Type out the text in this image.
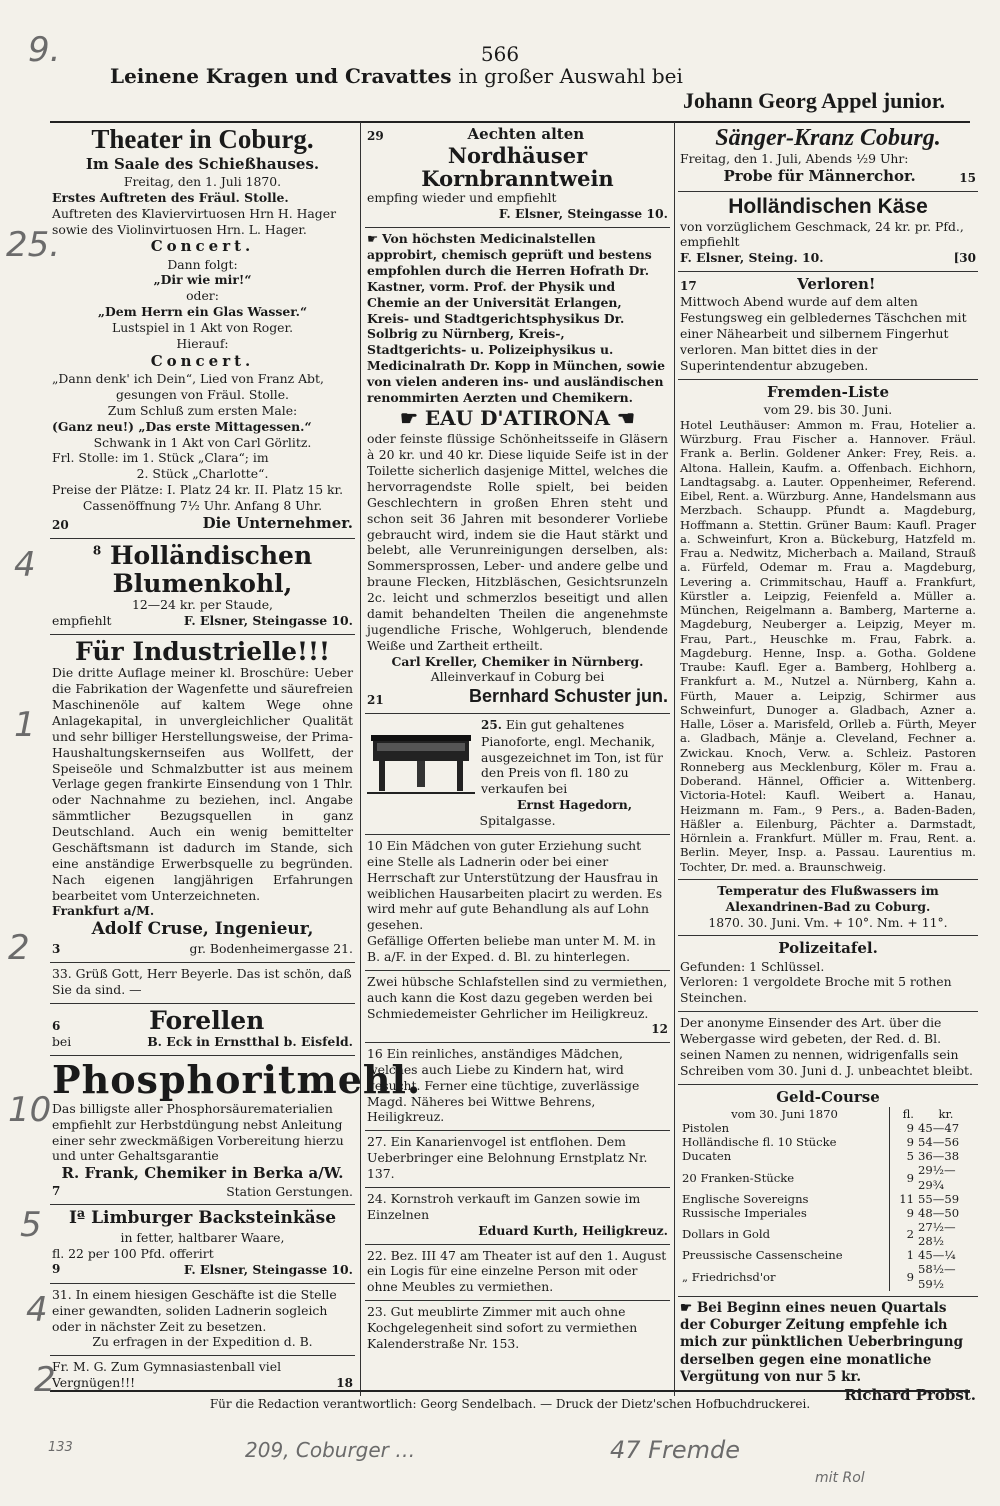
566
Leinene Kragen und Cravattes in großer Auswahl bei
Johann Georg Appel junior.
Theater in Coburg.

Im Saale des Schießhauses.

Freitag, den 1. Juli 1870.

Erstes Auftreten des Fräul. Stolle.

Auftreten des Klaviervirtuosen Hrn H. Hager

sowie des Violinvirtuosen Hrn. L. Hager.

Concert.

Dann folgt:

„Dir wie mir!“

oder:

„Dem Herrn ein Glas Wasser.“

Lustspiel in 1 Akt von Roger.

Hierauf:

Concert.

„Dann denk' ich Dein“, Lied von Franz Abt,

gesungen von Fräul. Stolle.

Zum Schluß zum ersten Male:

(Ganz neu!) „Das erste Mittagessen.“

Schwank in 1 Akt von Carl Görlitz.

Frl. Stolle: im 1. Stück „Clara“; im

2. Stück „Charlotte“.

Preise der Plätze: I. Platz 24 kr. II. Platz 15 kr.

Cassenöffnung 7½ Uhr. Anfang 8 Uhr.

20	Die Unternehmer.

$^8$ Holländischen Blumenkohl,

12—24 kr. per Staude,

empfiehlt	F. Elsner, Steingasse 10.

Für Industrielle!!!

Die dritte Auflage meiner kl. Broschüre: Ueber die Fabrikation der Wagenfette und säurefreien Maschinenöle auf kaltem Wege ohne Anlagekapital, in unvergleichlicher Qualität und sehr billiger Herstellungsweise, der Prima-Haushaltungskernseifen aus Wollfett, der Speiseöle und Schmalzbutter ist aus meinem Verlage gegen frankirte Einsendung von 1 Thlr. oder Nachnahme zu beziehen, incl. Angabe sämmtlicher Bezugsquellen in ganz Deutschland. Auch ein wenig bemittelter Geschäftsmann ist dadurch im Stande, sich eine anständige Erwerbsquelle zu begründen. Nach eigenen langjährigen Erfahrungen bearbeitet vom Unterzeichneten.

Frankfurt a/M.

Adolf Cruse, Ingenieur,

3	gr. Bodenheimergasse 21.

33. Grüß Gott, Herr Beyerle. Das ist schön, daß Sie da sind. —

6	Forellen
bei	B. Eck in Ernstthal b. Eisfeld.

Phosphoritmehl.

Das billigste aller Phosphorsäurematerialien empfiehlt zur Herbstdüngung nebst Anleitung einer sehr zweckmäßigen Vorbereitung hierzu und unter Gehaltsgarantie

R. Frank, Chemiker in Berka a/W.

7	Station Gerstungen.

Iª Limburger Backsteinkäse

in fetter, haltbarer Waare,

fl. 22 per 100 Pfd. offerirt

9	F. Elsner, Steingasse 10.

31. In einem hiesigen Geschäfte ist die Stelle einer gewandten, soliden Ladnerin sogleich oder in nächster Zeit zu besetzen.

Zu erfragen in der Expedition d. B.

Fr. M. G. Zum Gymnasiastenball viel Vergnügen!!!	18
29	Aechten alten

Nordhäuser Kornbranntwein

empfing wieder und empfiehlt

F. Elsner, Steingasse 10.

☛ Von höchsten Medicinalstellen approbirt, chemisch geprüft und bestens empfohlen durch die Herren Hofrath Dr. Kastner, vorm. Prof. der Physik und Chemie an der Universität Erlangen, Kreis- und Stadtgerichtsphysikus Dr. Solbrig zu Nürnberg, Kreis-, Stadtgerichts- u. Polizeiphysikus u. Medicinalrath Dr. Kopp in München, sowie von vielen anderen ins- und ausländischen renommirten Aerzten und Chemikern.

☛ EAU D'ATIRONA ☚

oder feinste flüssige Schönheitsseife in Gläsern à 20 kr. und 40 kr. Diese liquide Seife ist in der Toilette sicherlich dasjenige Mittel, welches die hervorragendste Rolle spielt, bei beiden Geschlechtern in großen Ehren steht und schon seit 36 Jahren mit besonderer Vorliebe gebraucht wird, indem sie die Haut stärkt und belebt, alle Verunreinigungen derselben, als: Sommersprossen, Leber- und andere gelbe und braune Flecken, Hitzbläschen, Gesichtsrunzeln 2c. leicht und schmerzlos beseitigt und allen damit behandelten Theilen die angenehmste jugendliche Frische, Wohlgeruch, blendende Weiße und Zartheit ertheilt.

Carl Kreller, Chemiker in Nürnberg.

Alleinverkauf in Coburg bei

21	Bernhard Schuster jun.

25. Ein gut gehaltenes Pianoforte, engl. Mechanik, ausgezeichnet im Ton, ist für den Preis von fl. 180 zu verkaufen bei

Ernst Hagedorn,

Spitalgasse.

10 Ein Mädchen von guter Erziehung sucht eine Stelle als Ladnerin oder bei einer Herrschaft zur Unterstützung der Hausfrau in weiblichen Hausarbeiten placirt zu werden. Es wird mehr auf gute Behandlung als auf Lohn gesehen.

Gefällige Offerten beliebe man unter M. M. in B. a/F. in der Exped. d. Bl. zu hinterlegen.

Zwei hübsche Schlafstellen sind zu vermiethen, auch kann die Kost dazu gegeben werden bei Schmiedemeister Gehrlicher im Heiligkreuz.

12

16 Ein reinliches, anständiges Mädchen, welches auch Liebe zu Kindern hat, wird gesucht. Ferner eine tüchtige, zuverlässige Magd. Näheres bei Wittwe Behrens, Heiligkreuz.

27. Ein Kanarienvogel ist entflohen. Dem Ueberbringer eine Belohnung Ernstplatz Nr. 137.

24. Kornstroh verkauft im Ganzen sowie im Einzelnen

Eduard Kurth, Heiligkreuz.

22. Bez. III 47 am Theater ist auf den 1. August ein Logis für eine einzelne Person mit oder ohne Meubles zu vermiethen.

23. Gut meublirte Zimmer mit auch ohne Kochgelegenheit sind sofort zu vermiethen Kalenderstraße Nr. 153.

Sänger-Kranz Coburg.

Freitag, den 1. Juli, Abends ½9 Uhr:

Probe für Männerchor.	15

Holländischen Käse

von vorzüglichem Geschmack, 24 kr. pr. Pfd., empfiehlt

F. Elsner, Steing. 10.	[30
17	Verloren!

Mittwoch Abend wurde auf dem alten Festungsweg ein gelbledernes Täschchen mit einer Nähearbeit und silbernem Fingerhut verloren. Man bittet dies in der Superintendentur abzugeben.

Fremden-Liste

vom 29. bis 30. Juni.

Hotel Leuthäuser: Ammon m. Frau, Hotelier a. Würzburg. Frau Fischer a. Hannover. Fräul. Frank a. Berlin. Goldener Anker: Frey, Reis. a. Altona. Hallein, Kaufm. a. Offenbach. Eichhorn, Landtagsabg. a. Lauter. Oppenheimer, Referend. Eibel, Rent. a. Würzburg. Anne, Handelsmann aus Merzbach. Schaupp. Pfundt a. Magdeburg, Hoffmann a. Stettin. Grüner Baum: Kaufl. Prager a. Schweinfurt, Kron a. Bückeburg, Hatzfeld m. Frau a. Nedwitz, Micherbach a. Mailand, Strauß a. Fürfeld, Odemar m. Frau a. Magdeburg, Levering a. Crimmitschau, Hauff a. Frankfurt, Kürstler a. Leipzig, Feienfeld a. Müller a. München, Reigelmann a. Bamberg, Marterne a. Magdeburg, Neuberger a. Leipzig, Meyer m. Frau, Part., Heuschke m. Frau, Fabrk. a. Magdeburg. Henne, Insp. a. Gotha. Goldene Traube: Kaufl. Eger a. Bamberg, Hohlberg a. Frankfurt a. M., Nutzel a. Nürnberg, Kahn a. Fürth, Mauer a. Leipzig, Schirmer aus Schweinfurt, Dunoger a. Gladbach, Azner a. Halle, Löser a. Marisfeld, Orlleb a. Fürth, Meyer a. Gladbach, Mänje a. Cleveland, Fechner a. Zwickau. Knoch, Verw. a. Schleiz. Pastoren Ronneberg aus Mecklenburg, Köler m. Frau a. Doberand. Hännel, Officier a. Wittenberg. Victoria-Hotel: Kaufl. Weibert a. Hanau, Heizmann m. Fam., 9 Pers., a. Baden-Baden, Häßler a. Eilenburg, Pächter a. Darmstadt, Hörnlein a. Frankfurt. Müller m. Frau, Rent. a. Berlin. Meyer, Insp. a. Passau. Laurentius m. Tochter, Dr. med. a. Braunschweig.

Temperatur des Flußwassers im Alexandrinen-Bad zu Coburg.

1870. 30. Juni. Vm. + 10°. Nm. + 11°.

Polizeitafel.

Gefunden: 1 Schlüssel.

Verloren: 1 vergoldete Broche mit 5 rothen Steinchen.

Der anonyme Einsender des Art. über die Webergasse wird gebeten, der Red. d. Bl. seinen Namen zu nennen, widrigenfalls sein Schreiben vom 30. Juni d. J. unbeachtet bleibt.

Geld-Course

vom 30. Juni 1870	fl.	kr.
Pistolen	9	45—47
Holländische fl. 10 Stücke	9	54—56
Ducaten	5	36—38
20 Franken-Stücke	9	29½—29¾
Englische Sovereigns	11	55—59
Russische Imperiales	9	48—50
Dollars in Gold	2	27½—28½
Preussische Cassenscheine	1	45—¼
„ Friedrichsd'or	9	58½—59½

☛ Bei Beginn eines neuen Quartals der Coburger Zeitung empfehle ich mich zur pünktlichen Ueberbringung derselben gegen eine monatliche Vergütung von nur 5 kr.

Richard Probst.

Für die Redaction verantwortlich: Georg Sendelbach. — Druck der Dietz'schen Hofbuchdruckerei.
9.
25.
4
1
2
10
5
4
2
209, Coburger …	47 Fremde
mit Rol
133
